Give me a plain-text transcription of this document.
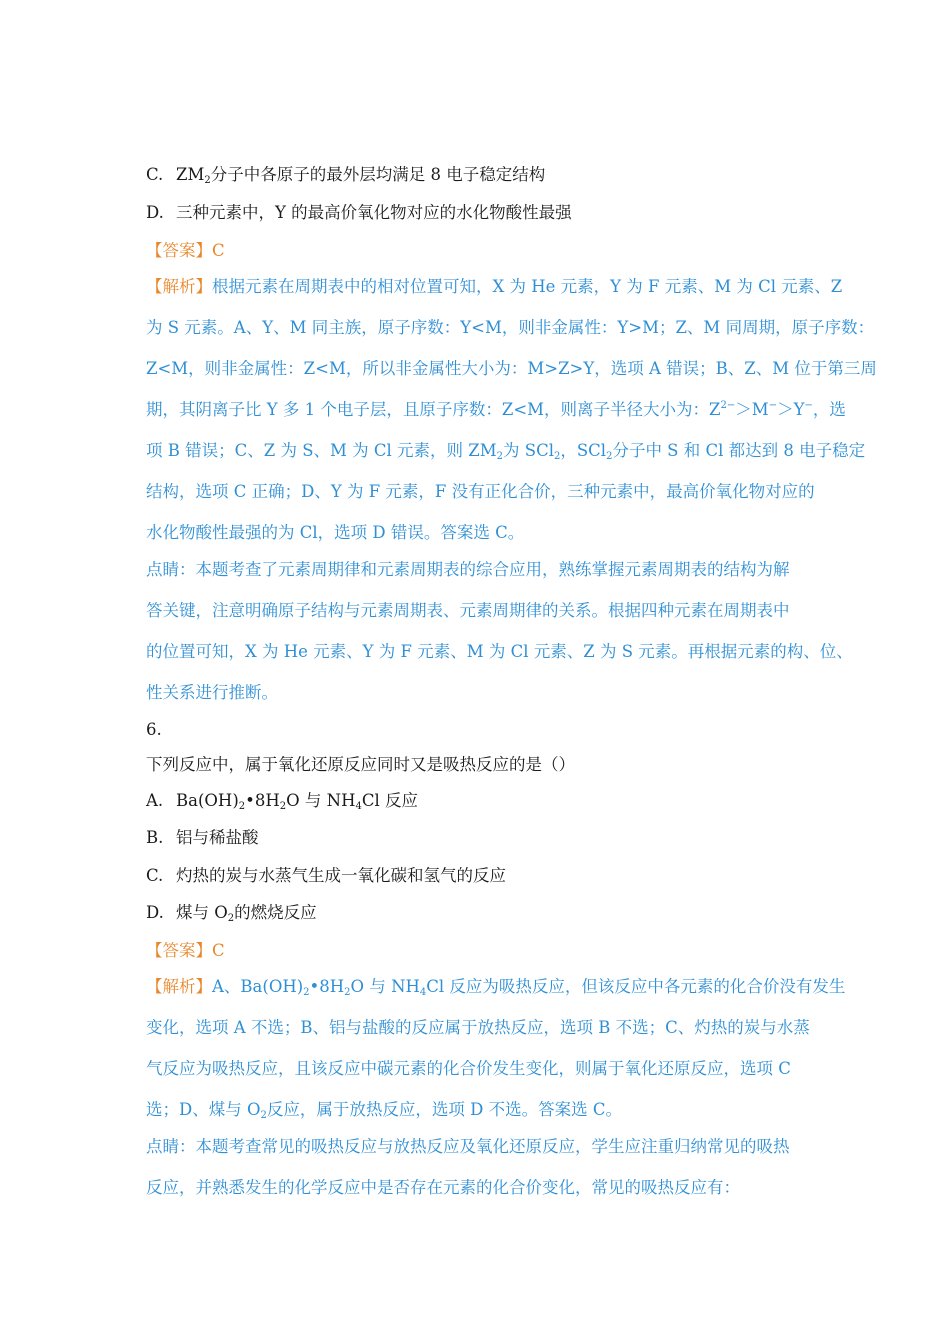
C. $ZM_2$分子中各原子的最外层均满足 8 电子稳定结构
D. 三种元素中，Y 的最高价氧化物对应的水化物酸性最强
【答案】C
【解析】根据元素在周期表中的相对位置可知，X 为 He 元素，Y 为 F 元素、M 为 Cl 元素、Z
为 S 元素。A、Y、M 同主族，原子序数：Y<M，则非金属性：Y>M；Z、M 同周期，原子序数：
Z<M，则非金属性：Z<M，所以非金属性大小为：M>Z>Y，选项 A 错误；B、Z、M 位于第三周
期，其阴离子比 Y 多 1 个电子层，且原子序数：Z<M，则离子半径大小为：$Z^{2-}>M^->Y^-$，选
项 B 错误；C、Z 为 S、M 为 Cl 元素，则 $ZM_2$为 SCl$_2$，SCl$_2$分子中 S 和 Cl 都达到 8 电子稳定
结构，选项 C 正确；D、Y 为 F 元素，F 没有正化合价，三种元素中，最高价氧化物对应的
水化物酸性最强的为 Cl，选项 D 错误。答案选 C。
点睛：本题考查了元素周期律和元素周期表的综合应用，熟练掌握元素周期表的结构为解
答关键，注意明确原子结构与元素周期表、元素周期律的关系。根据四种元素在周期表中
的位置可知，X 为 He 元素、Y 为 F 元素、M 为 Cl 元素、Z 为 S 元素。再根据元素的构、位、
性关系进行推断。
6.
下列反应中，属于氧化还原反应同时又是吸热反应的是（）
A. $Ba(OH)_2•8H_2O$ 与 $NH_4Cl$ 反应
B. 铝与稀盐酸
C. 灼热的炭与水蒸气生成一氧化碳和氢气的反应
D. 煤与 $O_2$的燃烧反应
【答案】C
【解析】A、$Ba(OH)_2•8H_2O$ 与 $NH_4Cl$ 反应为吸热反应，但该反应中各元素的化合价没有发生
变化，选项 A 不选；B、铝与盐酸的反应属于放热反应，选项 B 不选；C、灼热的炭与水蒸
气反应为吸热反应，且该反应中碳元素的化合价发生变化，则属于氧化还原反应，选项 C
选；D、煤与 $O_2$反应，属于放热反应，选项 D 不选。答案选 C。
点睛：本题考查常见的吸热反应与放热反应及氧化还原反应，学生应注重归纳常见的吸热
反应，并熟悉发生的化学反应中是否存在元素的化合价变化，常见的吸热反应有：
